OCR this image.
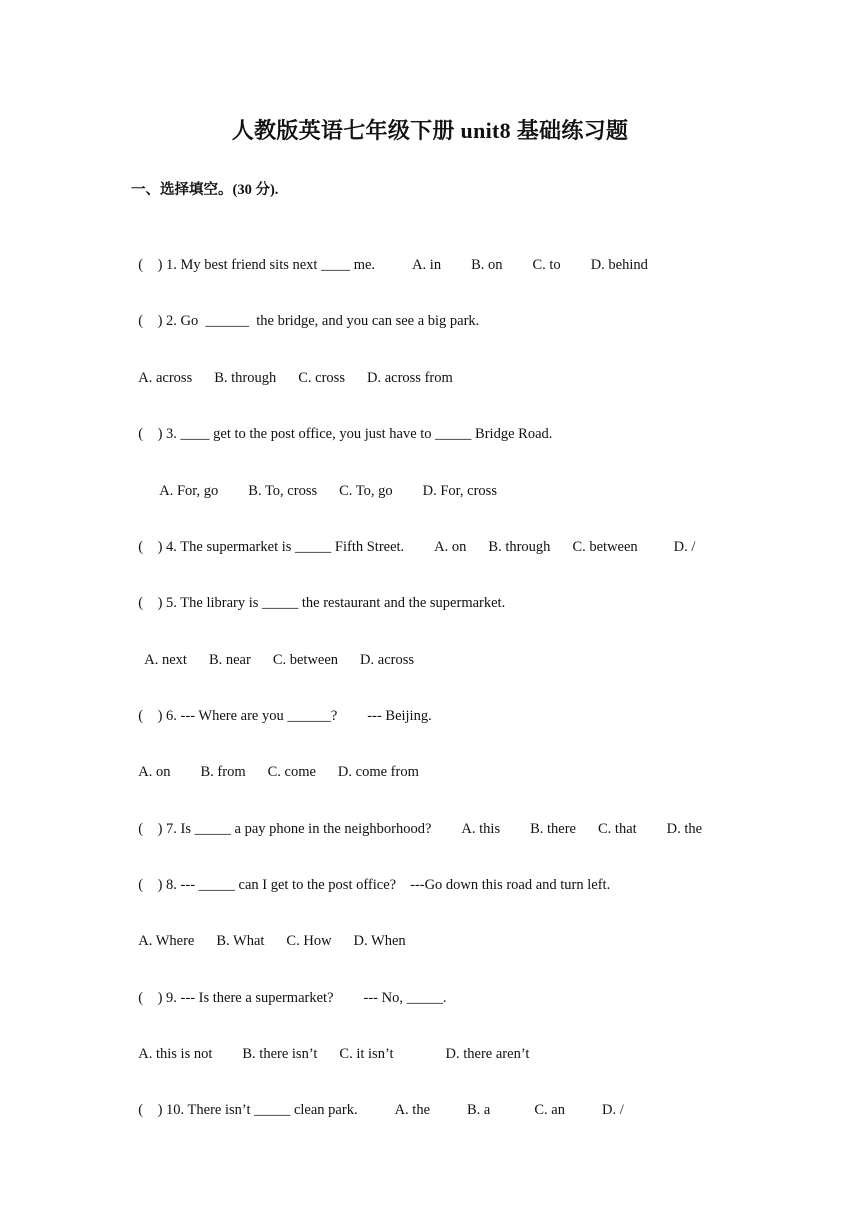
人教版英语七年级下册 unit8 基础练习题
一、选择填空。(30 分).

(    ) 1. My best friend sits next ____ me.	A. in B. on C. to D. behind

(    ) 2. Go  ______  the bridge, and you can see a big park.

A. across B. through C. cross D. across from

(    ) 3. ____ get to the post office, you just have to _____ Bridge Road.

A. For, go B. To, cross C. To, go D. For, cross

(    ) 4. The supermarket is _____ Fifth Street. A. on B. through C. between D. /

(    ) 5. The library is _____ the restaurant and the supermarket.

A. next B. near C. between D. across

(    ) 6. --- Where are you ______? --- Beijing.

A. on B. from C. come D. come from

(    ) 7. Is _____ a pay phone in the neighborhood? A. this B. there C. that D. the

(    ) 8. --- _____ can I get to the post office? ---Go down this road and turn left.

A. Where B. What C. How D. When

(    ) 9. --- Is there a supermarket? --- No, _____.

A. this is not B. there isn’t C. it isn’t	D. there aren’t

(    ) 10. There isn’t _____ clean park.	A. the	B. a	C. an	D. /
